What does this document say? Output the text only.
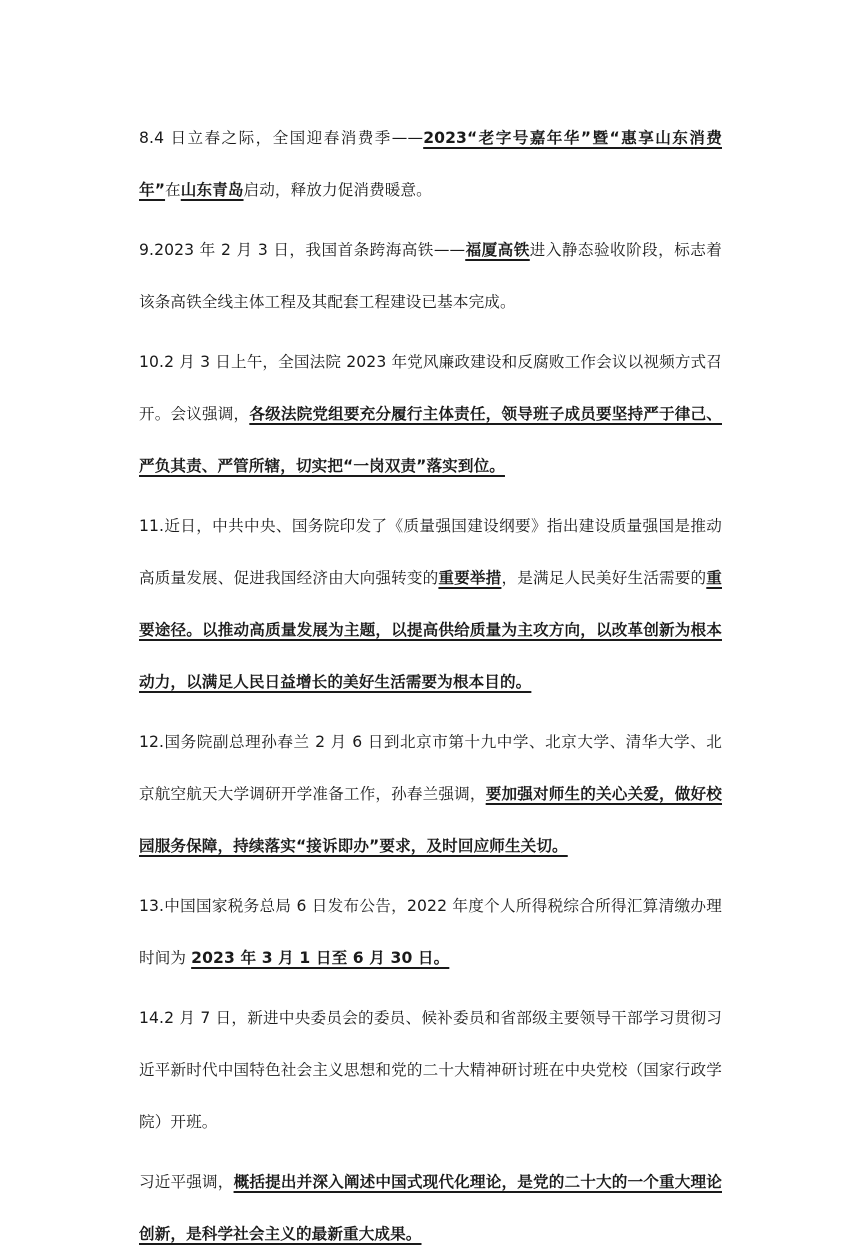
8.4 日立春之际，全国迎春消费季——2023“老字号嘉年华”暨“惠享山东消费年”在山东青岛启动，释放力促消费暖意。

9.2023 年 2 月 3 日，我国首条跨海高铁——福厦高铁进入静态验收阶段，标志着该条高铁全线主体工程及其配套工程建设已基本完成。

10.2 月 3 日上午，全国法院 2023 年党风廉政建设和反腐败工作会议以视频方式召开。会议强调，各级法院党组要充分履行主体责任，领导班子成员要坚持严于律己、严负其责、严管所辖，切实把“一岗双责”落实到位。

11.近日，中共中央、国务院印发了《质量强国建设纲要》指出建设质量强国是推动高质量发展、促进我国经济由大向强转变的重要举措，是满足人民美好生活需要的重要途径。以推动高质量发展为主题，以提高供给质量为主攻方向，以改革创新为根本动力，以满足人民日益增长的美好生活需要为根本目的。

12.国务院副总理孙春兰 2 月 6 日到北京市第十九中学、北京大学、清华大学、北京航空航天大学调研开学准备工作，孙春兰强调，要加强对师生的关心关爱，做好校园服务保障，持续落实“接诉即办”要求，及时回应师生关切。

13.中国国家税务总局 6 日发布公告，2022 年度个人所得税综合所得汇算清缴办理时间为 2023 年 3 月 1 日至 6 月 30 日。

14.2 月 7 日，新进中央委员会的委员、候补委员和省部级主要领导干部学习贯彻习近平新时代中国特色社会主义思想和党的二十大精神研讨班在中央党校（国家行政学院）开班。

习近平强调，概括提出并深入阐述中国式现代化理论，是党的二十大的一个重大理论创新，是科学社会主义的最新重大成果。
